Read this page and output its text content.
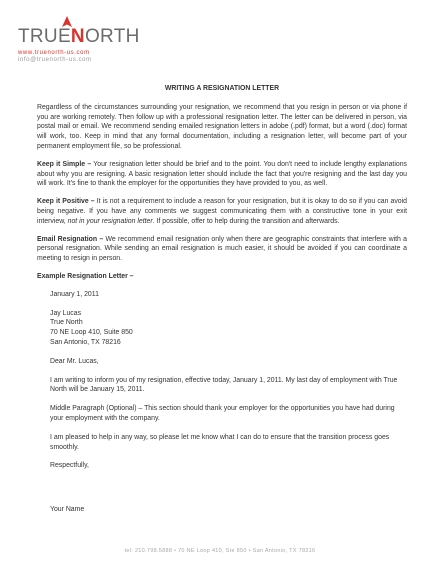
TRUENORTH
www.truenorth-us.com
info@truenorth-us.com
WRITING A RESIGNATION LETTER

Regardless of the circumstances surrounding your resignation, we recommend that you resign in person or via phone if you are working remotely. Then follow up with a professional resignation letter. The letter can be delivered in person, via postal mail or email. We recommend sending emailed resignation letters in adobe (.pdf) format, but a word (.doc) format will work, too. Keep in mind that any formal documentation, including a resignation letter, will become part of your permanent employment file, so be professional.

Keep it Simple – Your resignation letter should be brief and to the point. You don't need to include lengthy explanations about why you are resigning. A basic resignation letter should include the fact that you're resigning and the last day you will work. It's fine to thank the employer for the opportunities they have provided to you, as well.

Keep it Positive – It is not a requirement to include a reason for your resignation, but it is okay to do so if you can avoid being negative. If you have any comments we suggest communicating them with a constructive tone in your exit interview, not in your resignation letter. If possible, offer to help during the transition and afterwards.

Email Resignation – We recommend email resignation only when there are geographic constraints that interfere with a personal resignation. While sending an email resignation is much easier, it should be avoided if you can coordinate a meeting to resign in person.

Example Resignation Letter –

January 1, 2011

Jay Lucas

True North

70 NE Loop 410, Suite 850

San Antonio, TX 78216

Dear Mr. Lucas,

I am writing to inform you of my resignation, effective today, January 1, 2011. My last day of employment with True North will be January 15, 2011.

Middle Paragraph (Optional) – This section should thank your employer for the opportunities you have had during your employment with the company.

I am pleased to help in any way, so please let me know what I can do to ensure that the transition process goes smoothly.

Respectfully,

Your Name

tel: 210.798.5888 • 70 NE Loop 410, Ste 850 • San Antonio, TX 78216
